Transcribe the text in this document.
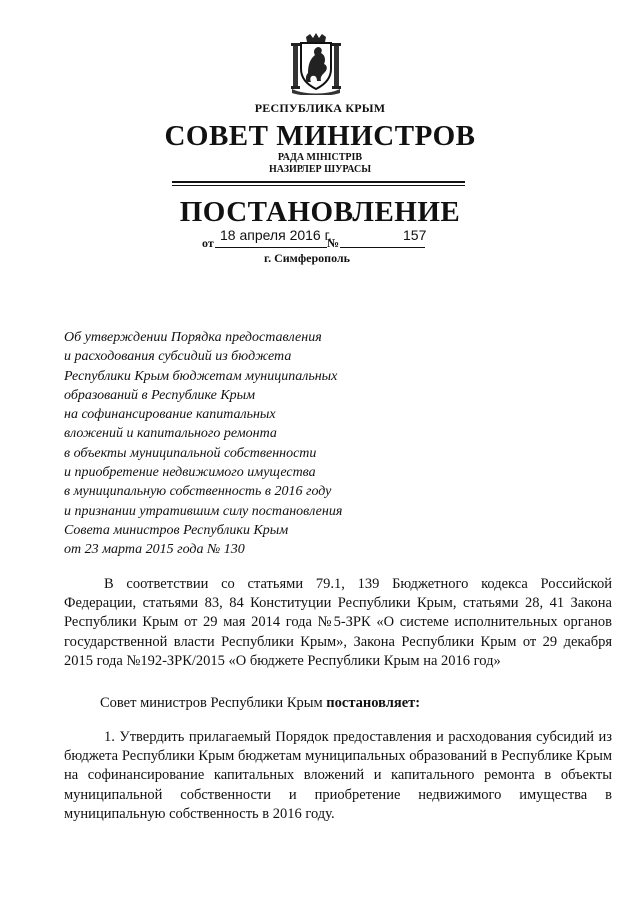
РЕСПУБЛИКА КРЫМ
СОВЕТ МИНИСТРОВ
РАДА МІНІСТРІВ
НАЗИРЛЕР ШУРАСЫ
ПОСТАНОВЛЕНИЕ
от 18 апреля 2016 г.
№	157
г. Симферополь
Об утверждении Порядка предоставления
и расходования субсидий из бюджета
Республики Крым бюджетам муниципальных
образований в Республике Крым
на софинансирование капитальных
вложений и капитального ремонта
в объекты муниципальной собственности
и приобретение недвижимого имущества
в муниципальную собственность в 2016 году
и признании утратившим силу постановления
Совета министров Республики Крым
от 23 марта 2015 года № 130
В соответствии со статьями 79.1, 139 Бюджетного кодекса Российской Федерации, статьями 83, 84 Конституции Республики Крым, статьями 28, 41 Закона Республики Крым от 29 мая 2014 года №5-ЗРК «О системе исполнительных органов государственной власти Республики Крым», Закона Республики Крым от 29 декабря 2015 года №192-ЗРК/2015 «О бюджете Республики Крым на 2016 год»
Совет министров Республики Крым постановляет:
1. Утвердить прилагаемый Порядок предоставления и расходования субсидий из бюджета Республики Крым бюджетам муниципальных образований в Республике Крым на софинансирование капитальных вложений и капитального ремонта в объекты муниципальной собственности и приобретение недвижимого имущества в муниципальную собственность в 2016 году.
